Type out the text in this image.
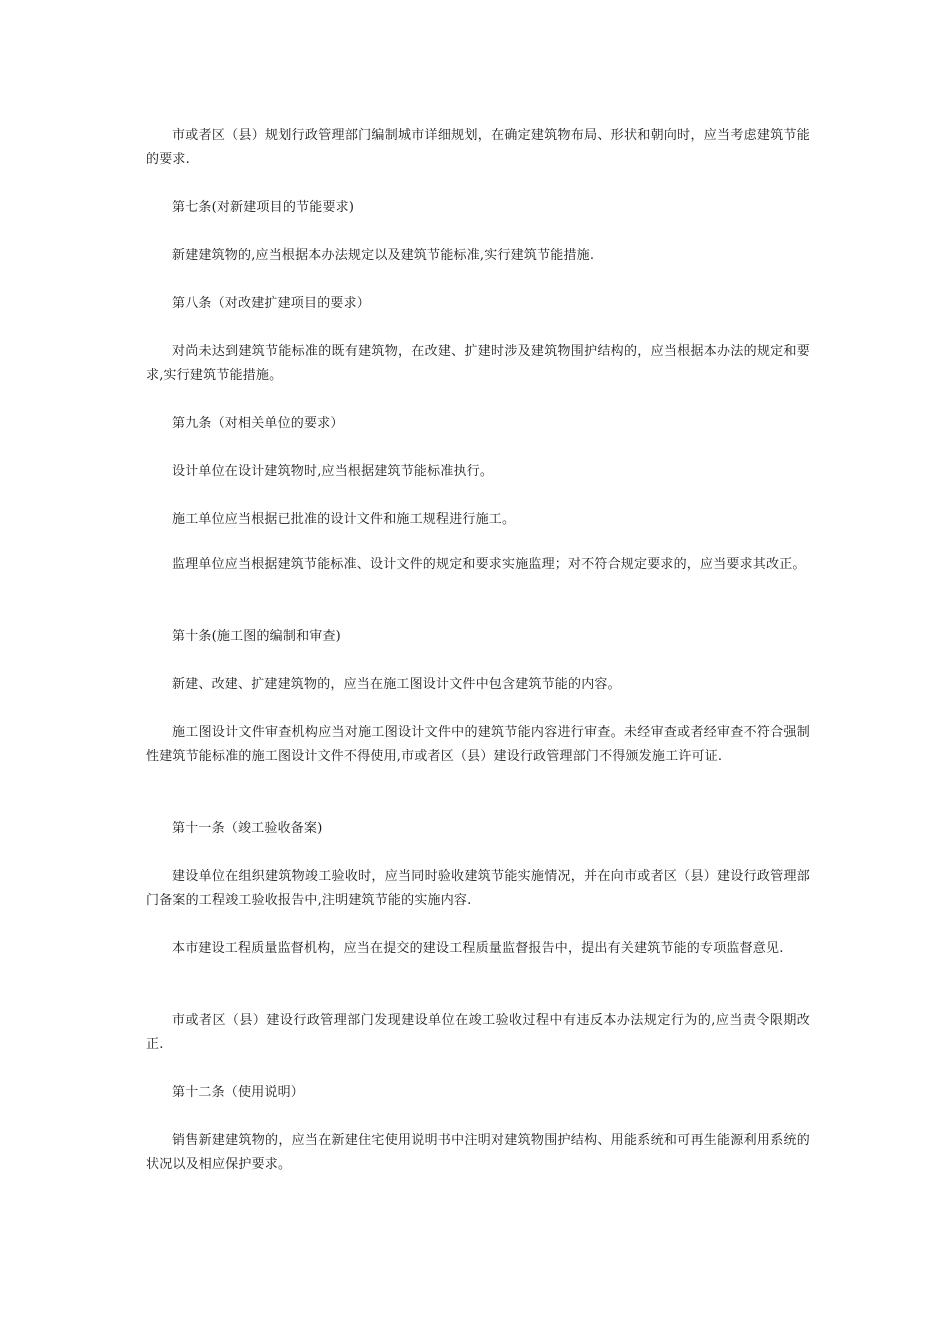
市或者区（县）规划行政管理部门编制城市详细规划，在确定建筑物布局、形状和朝向时，应当考虑建筑节能的要求.

第七条(对新建项目的节能要求)

新建建筑物的,应当根据本办法规定以及建筑节能标准,实行建筑节能措施.

第八条（对改建扩建项目的要求）

对尚未达到建筑节能标准的既有建筑物，在改建、扩建时涉及建筑物围护结构的，应当根据本办法的规定和要求,实行建筑节能措施。

第九条（对相关单位的要求）

设计单位在设计建筑物时,应当根据建筑节能标准执行。

施工单位应当根据已批准的设计文件和施工规程进行施工。

监理单位应当根据建筑节能标准、设计文件的规定和要求实施监理；对不符合规定要求的，应当要求其改正。

第十条(施工图的编制和审查)

新建、改建、扩建建筑物的，应当在施工图设计文件中包含建筑节能的内容。

施工图设计文件审查机构应当对施工图设计文件中的建筑节能内容进行审查。未经审查或者经审查不符合强制性建筑节能标准的施工图设计文件不得使用,市或者区（县）建设行政管理部门不得颁发施工许可证.

第十一条（竣工验收备案)

建设单位在组织建筑物竣工验收时，应当同时验收建筑节能实施情况，并在向市或者区（县）建设行政管理部门备案的工程竣工验收报告中,注明建筑节能的实施内容.

本市建设工程质量监督机构，应当在提交的建设工程质量监督报告中，提出有关建筑节能的专项监督意见.

市或者区（县）建设行政管理部门发现建设单位在竣工验收过程中有违反本办法规定行为的,应当责令限期改正.

第十二条（使用说明）

销售新建建筑物的，应当在新建住宅使用说明书中注明对建筑物围护结构、用能系统和可再生能源利用系统的状况以及相应保护要求。
